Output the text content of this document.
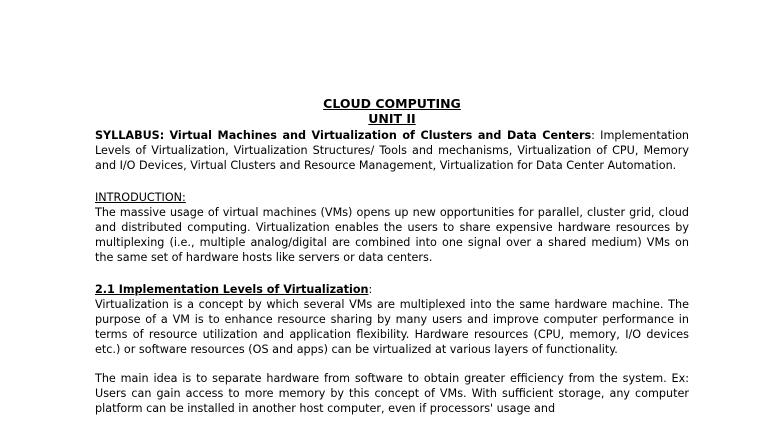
CLOUD COMPUTING
UNIT II

SYLLABUS: Virtual Machines and Virtualization of Clusters and Data Centers: Implementation Levels of Virtualization, Virtualization Structures/ Tools and mechanisms, Virtualization of CPU, Memory and I/O Devices, Virtual Clusters and Resource Management, Virtualization for Data Center Automation.

INTRODUCTION:

The massive usage of virtual machines (VMs) opens up new opportunities for parallel, cluster grid, cloud and distributed computing. Virtualization enables the users to share expensive hardware resources by multiplexing (i.e., multiple analog/digital are combined into one signal over a shared medium) VMs on the same set of hardware hosts like servers or data centers.

2.1 Implementation Levels of Virtualization:

Virtualization is a concept by which several VMs are multiplexed into the same hardware machine. The purpose of a VM is to enhance resource sharing by many users and improve computer performance in terms of resource utilization and application flexibility. Hardware resources (CPU, memory, I/O devices etc.) or software resources (OS and apps) can be virtualized at various layers of functionality.

The main idea is to separate hardware from software to obtain greater efficiency from the system. Ex: Users can gain access to more memory by this concept of VMs. With sufficient storage, any computer platform can be installed in another host computer, even if processors' usage and
